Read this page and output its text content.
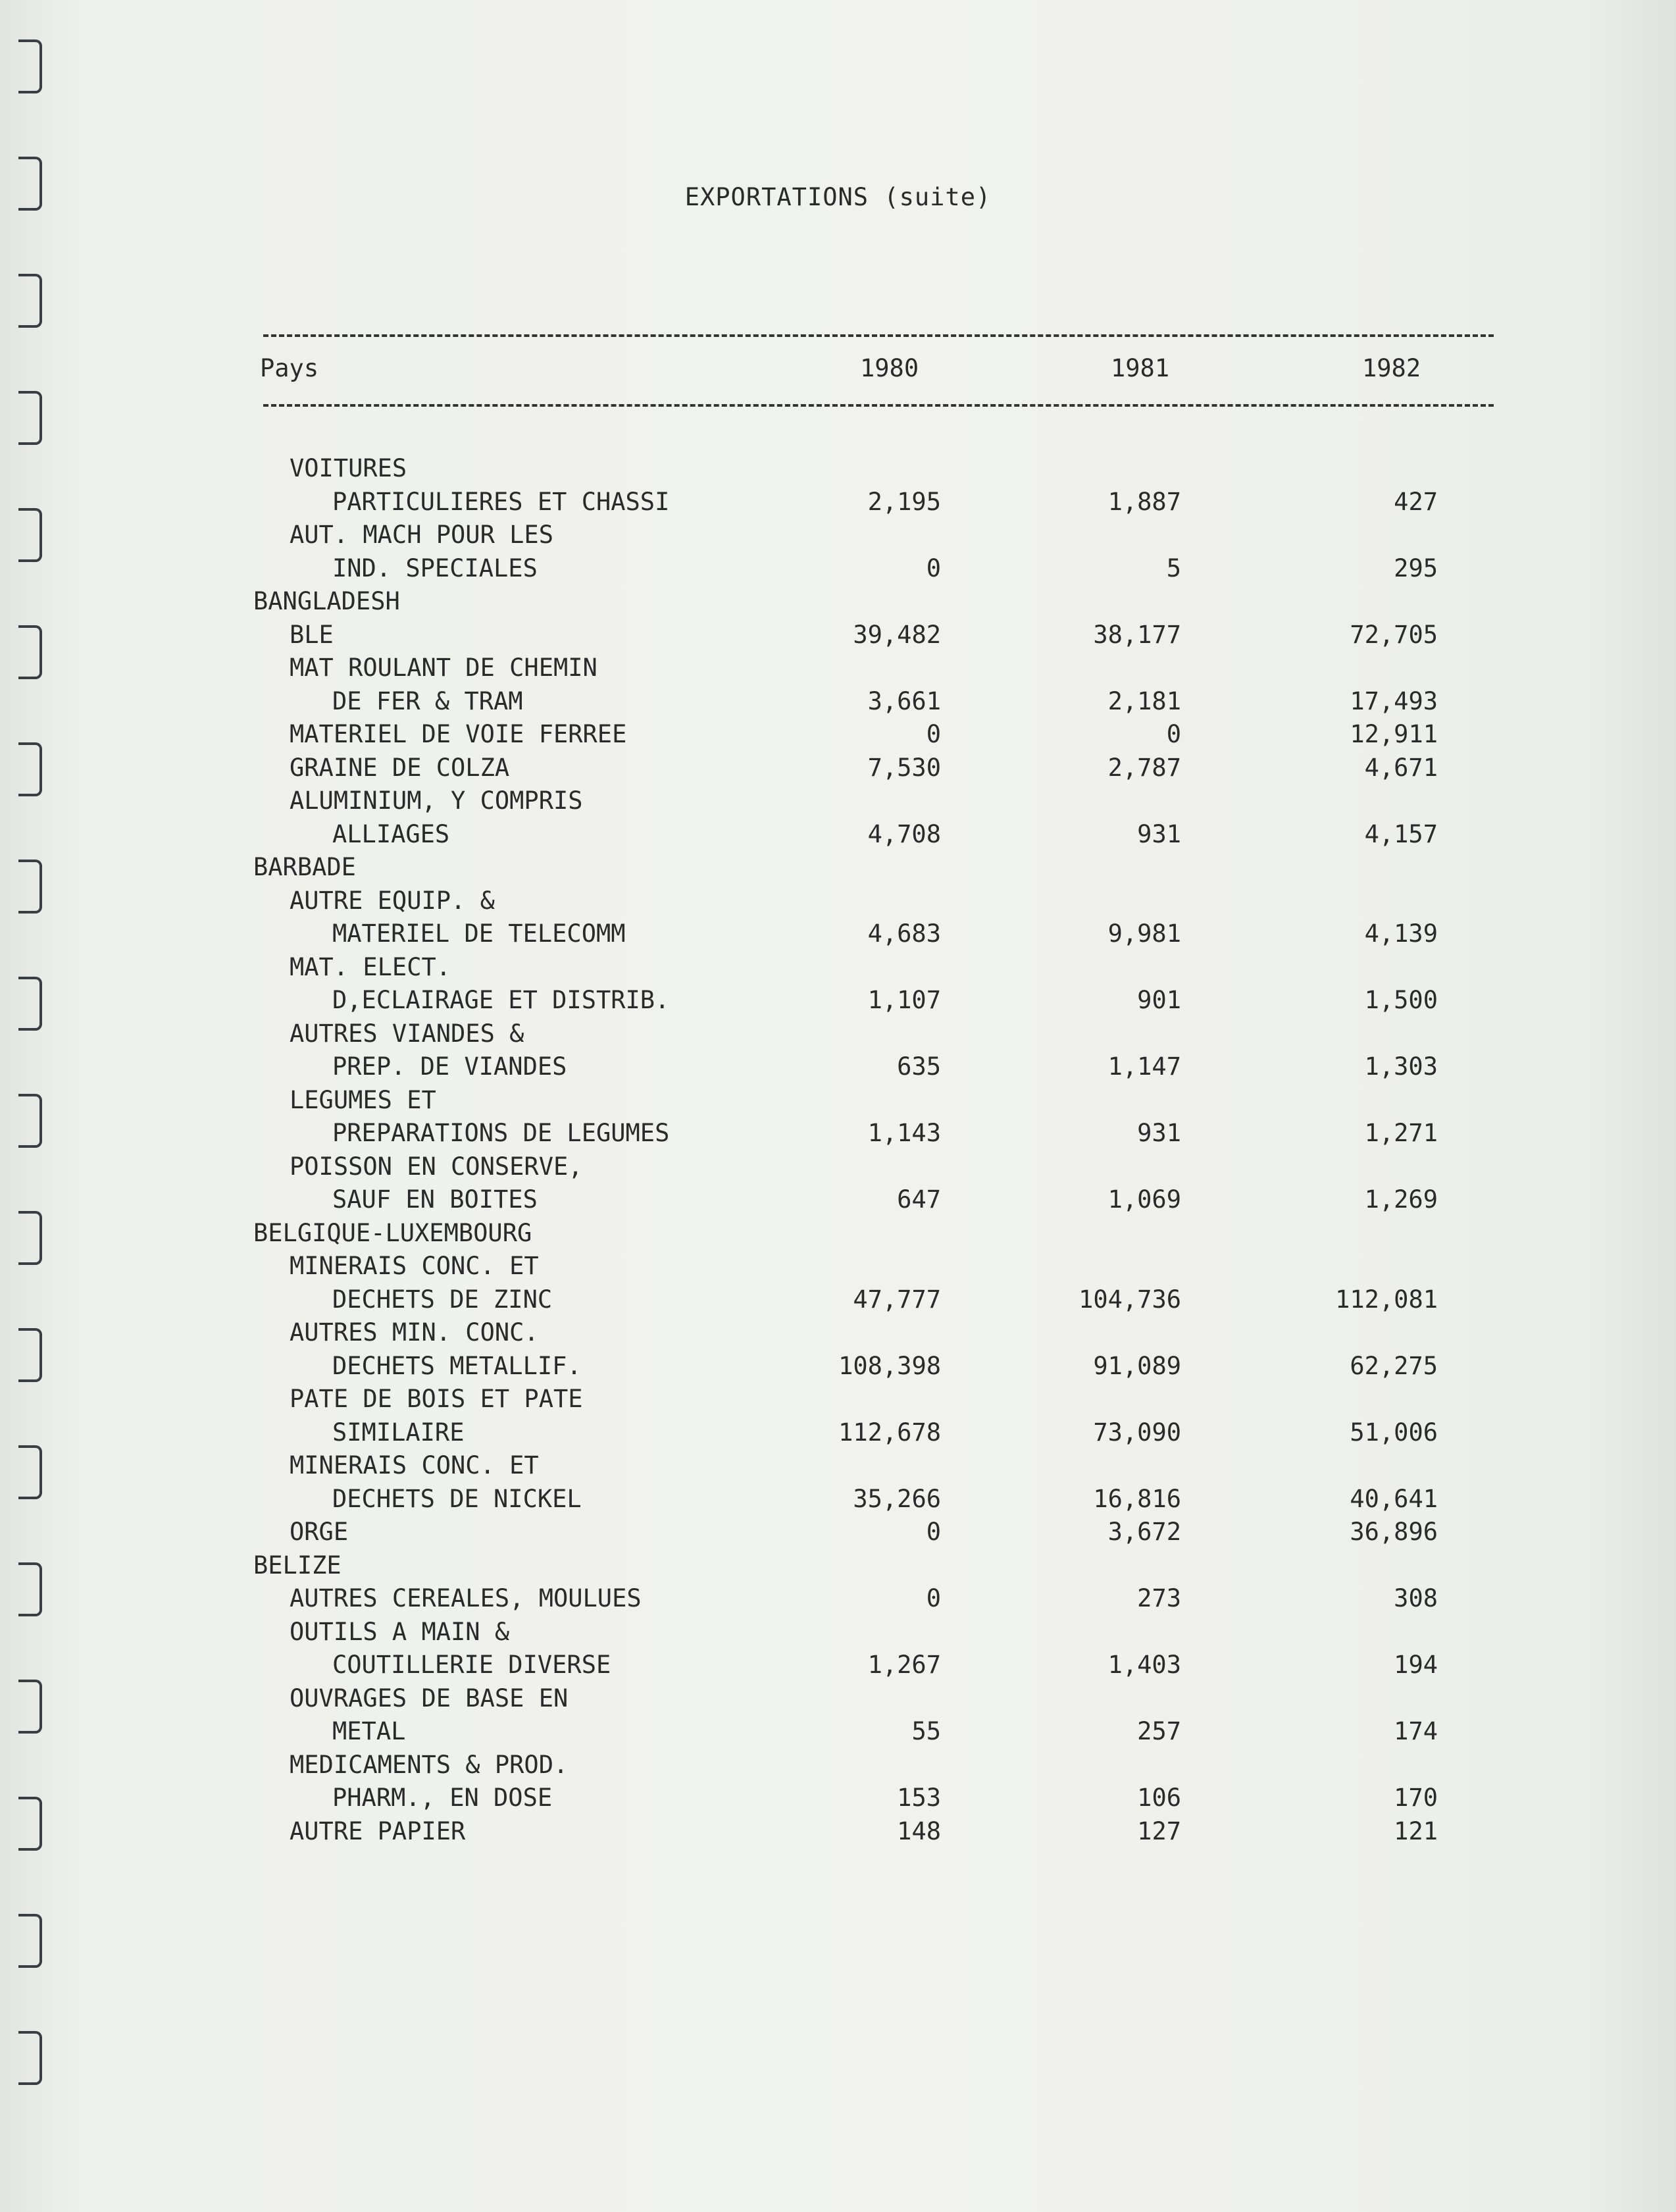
EXPORTATIONS (suite)
Pays	1980	1981	1982
VOITURES
PARTICULIERES ET CHASSI	2,195	1,887	427
AUT. MACH POUR LES
IND. SPECIALES	0	5	295
BANGLADESH
BLE	39,482	38,177	72,705
MAT ROULANT DE CHEMIN
DE FER & TRAM	3,661	2,181	17,493
MATERIEL DE VOIE FERREE	0	0	12,911
GRAINE DE COLZA	7,530	2,787	4,671
ALUMINIUM, Y COMPRIS
ALLIAGES	4,708	931	4,157
BARBADE
AUTRE EQUIP. &
MATERIEL DE TELECOMM	4,683	9,981	4,139
MAT. ELECT.
D,ECLAIRAGE ET DISTRIB.	1,107	901	1,500
AUTRES VIANDES &
PREP. DE VIANDES	635	1,147	1,303
LEGUMES ET
PREPARATIONS DE LEGUMES	1,143	931	1,271
POISSON EN CONSERVE,
SAUF EN BOITES	647	1,069	1,269
BELGIQUE-LUXEMBOURG
MINERAIS CONC. ET
DECHETS DE ZINC	47,777	104,736	112,081
AUTRES MIN. CONC.
DECHETS METALLIF.	108,398	91,089	62,275
PATE DE BOIS ET PATE
SIMILAIRE	112,678	73,090	51,006
MINERAIS CONC. ET
DECHETS DE NICKEL	35,266	16,816	40,641
ORGE	0	3,672	36,896
BELIZE
AUTRES CEREALES, MOULUES	0	273	308
OUTILS A MAIN &
COUTILLERIE DIVERSE	1,267	1,403	194
OUVRAGES DE BASE EN
METAL	55	257	174
MEDICAMENTS & PROD.
PHARM., EN DOSE	153	106	170
AUTRE PAPIER	148	127	121
